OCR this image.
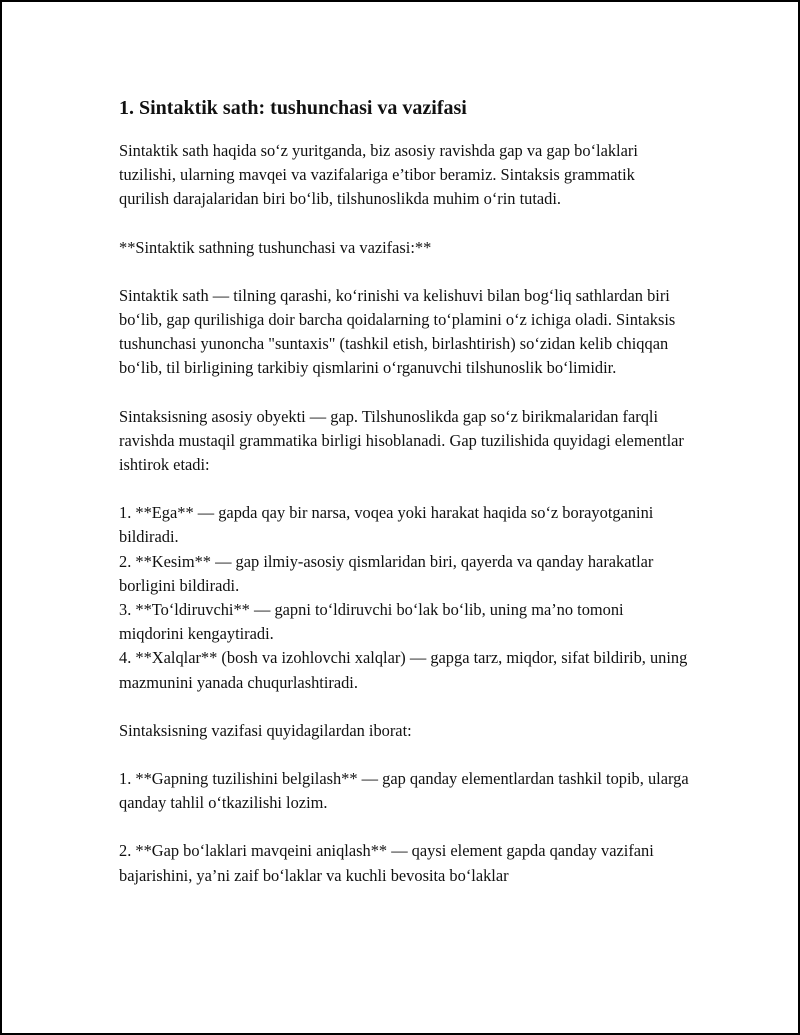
1. Sintaktik sath: tushunchasi va vazifasi

Sintaktik sath haqida so‘z yuritganda, biz asosiy ravishda gap va gap bo‘laklari tuzilishi, ularning mavqei va vazifalariga e’tibor beramiz. Sintaksis grammatik qurilish darajalaridan biri bo‘lib, tilshunoslikda muhim o‘rin tutadi.

**Sintaktik sathning tushunchasi va vazifasi:**

Sintaktik sath — tilning qarashi, ko‘rinishi va kelishuvi bilan bog‘liq sathlardan biri bo‘lib, gap qurilishiga doir barcha qoidalarning to‘plamini o‘z ichiga oladi. Sintaksis tushunchasi yunoncha "suntaxis" (tashkil etish, birlashtirish) so‘zidan kelib chiqqan bo‘lib, til birligining tarkibiy qismlarini o‘rganuvchi tilshunoslik bo‘limidir.

Sintaksisning asosiy obyekti — gap. Tilshunoslikda gap so‘z birikmalaridan farqli ravishda mustaqil grammatika birligi hisoblanadi. Gap tuzilishida quyidagi elementlar ishtirok etadi:

1. **Ega** — gapda qay bir narsa, voqea yoki harakat haqida so‘z borayotganini bildiradi.

2. **Kesim** — gap ilmiy-asosiy qismlaridan biri, qayerda va qanday harakatlar borligini bildiradi.

3. **To‘ldiruvchi** — gapni to‘ldiruvchi bo‘lak bo‘lib, uning ma’no tomoni miqdorini kengaytiradi.

4. **Xalqlar** (bosh va izohlovchi xalqlar) — gapga tarz, miqdor, sifat bildirib, uning mazmunini yanada chuqurlashtiradi.

Sintaksisning vazifasi quyidagilardan iborat:

1. **Gapning tuzilishini belgilash** — gap qanday elementlardan tashkil topib, ularga qanday tahlil o‘tkazilishi lozim.

2. **Gap bo‘laklari mavqeini aniqlash** — qaysi element gapda qanday vazifani bajarishini, ya’ni zaif bo‘laklar va kuchli bevosita bo‘laklar
